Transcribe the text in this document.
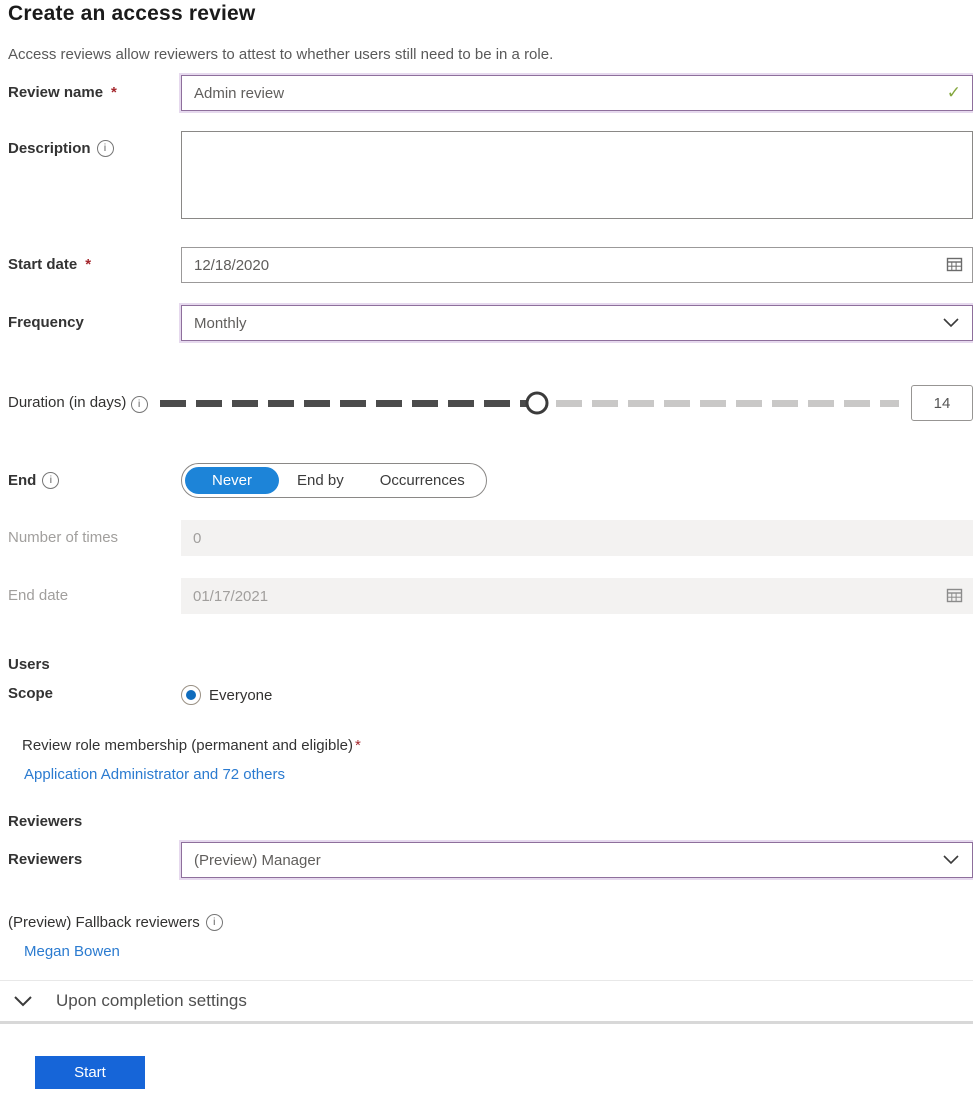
Create an access review
Access reviews allow reviewers to attest to whether users still need to be in a role.
Review name *	Admin review	✓
Description	i
Start date *	12/18/2020
Frequency	Monthly
Duration (in days) i	14
End	i	Never	End by	Occurrences
Number of times	0
End date	01/17/2021
Users
Scope	Everyone
Review role membership (permanent and eligible) *
Application Administrator and 72 others
Reviewers
Reviewers	(Preview) Manager
(Preview) Fallback reviewers	i
Megan Bowen
Upon completion settings
Start
